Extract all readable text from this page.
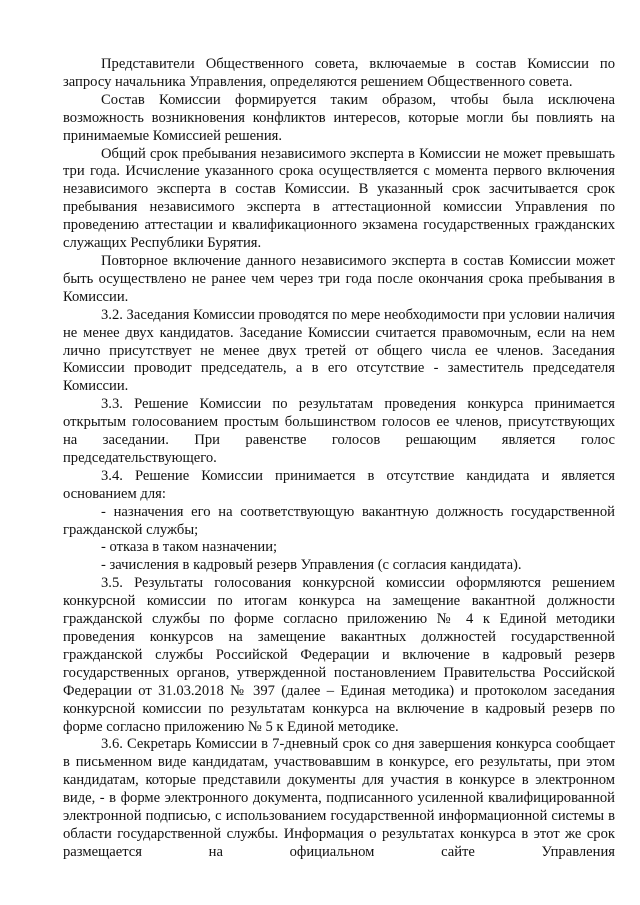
Представители Общественного совета, включаемые в состав Комиссии по запросу начальника Управления, определяются решением Общественного совета.

Состав Комиссии формируется таким образом, чтобы была исключена возможность возникновения конфликтов интересов, которые могли бы повлиять на принимаемые Комиссией решения.

Общий срок пребывания независимого эксперта в Комиссии не может превышать три года. Исчисление указанного срока осуществляется с момента первого включения независимого эксперта в состав Комиссии. В указанный срок засчитывается срок пребывания независимого эксперта в аттестационной комиссии Управления по проведению аттестации и квалификационного экзамена государственных гражданских служащих Республики Бурятия.

Повторное включение данного независимого эксперта в состав Комиссии может быть осуществлено не ранее чем через три года после окончания срока пребывания в Комиссии.

3.2. Заседания Комиссии проводятся по мере необходимости при условии наличия не менее двух кандидатов. Заседание Комиссии считается правомочным, если на нем лично присутствует не менее двух третей от общего числа ее членов. Заседания Комиссии проводит председатель, а в его отсутствие - заместитель председателя Комиссии.

3.3. Решение Комиссии по результатам проведения конкурса принимается открытым голосованием простым большинством голосов ее членов, присутствующих на заседании. При равенстве голосов решающим является голос председательствующего.

3.4. Решение Комиссии принимается в отсутствие кандидата и является основанием для:

- назначения его на соответствующую вакантную должность государственной гражданской службы;

- отказа в таком назначении;

- зачисления в кадровый резерв Управления (с согласия кандидата).

3.5. Результаты голосования конкурсной комиссии оформляются решением конкурсной комиссии по итогам конкурса на замещение вакантной должности гражданской службы по форме согласно приложению № 4 к Единой методики проведения конкурсов на замещение вакантных должностей государственной гражданской службы Российской Федерации и включение в кадровый резерв государственных органов, утвержденной постановлением Правительства Российской Федерации от 31.03.2018 № 397 (далее – Единая методика) и протоколом заседания конкурсной комиссии по результатам конкурса на включение в кадровый резерв по форме согласно приложению № 5 к Единой методике.

3.6. Секретарь Комиссии в 7-дневный срок со дня завершения конкурса сообщает в письменном виде кандидатам, участвовавшим в конкурсе, его результаты, при этом кандидатам, которые представили документы для участия в конкурсе в электронном виде, - в форме электронного документа, подписанного усиленной квалифицированной электронной подписью, с использованием государственной информационной системы в области государственной службы. Информация о результатах конкурса в этот же срок размещается на официальном сайте Управления
